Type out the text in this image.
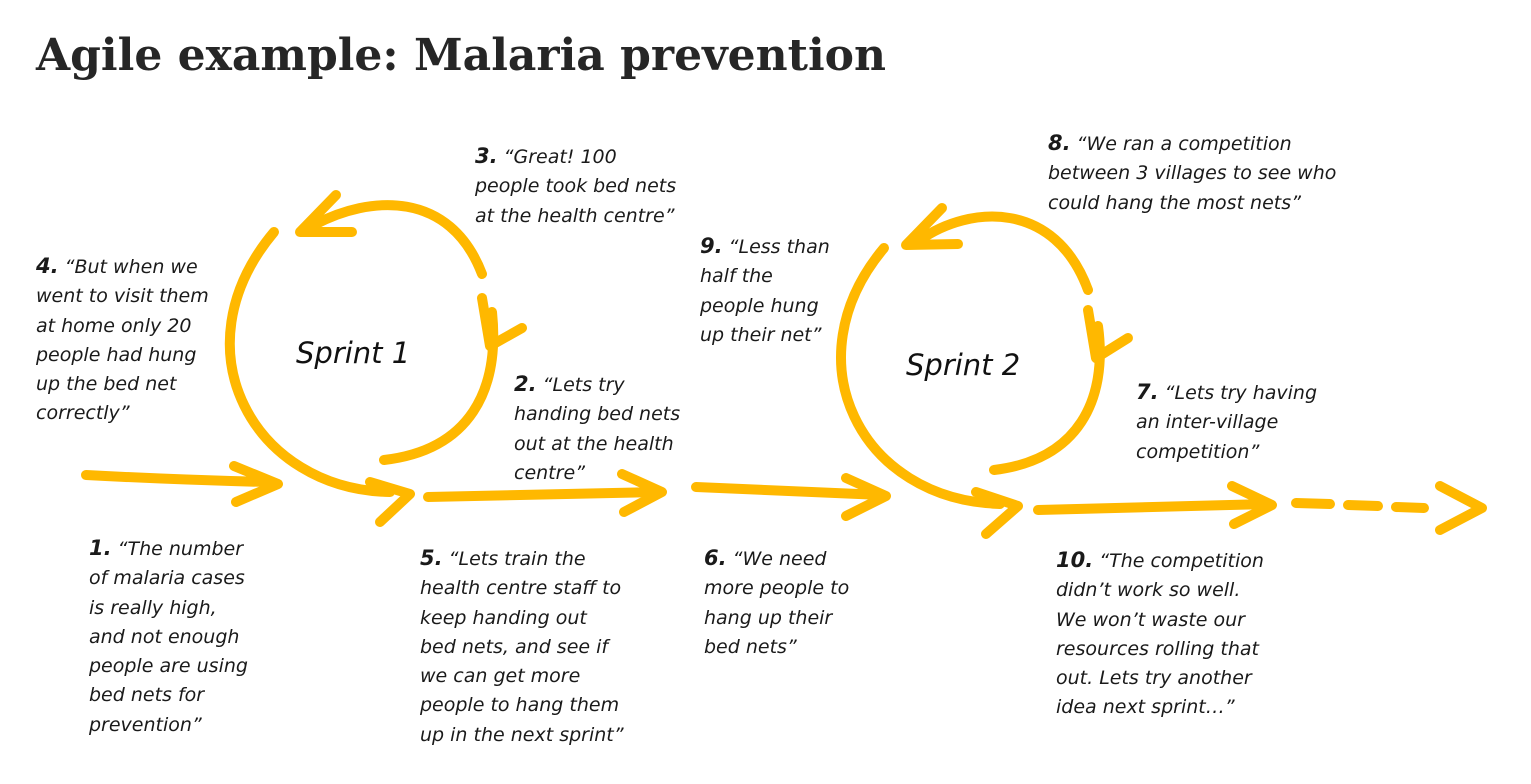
Agile example: Malaria prevention
Sprint 1	Sprint 2
1. “The number
of malaria cases
is really high,
and not enough
people are using
bed nets for
prevention”
2. “Lets try
handing bed nets
out at the health
centre”
3. “Great! 100
people took bed nets
at the health centre”
4. “But when we
went to visit them
at home only 20
people had hung
up the bed net
correctly”
5. “Lets train the
health centre staff to
keep handing out
bed nets, and see if
we can get more
people to hang them
up in the next sprint”
6. “We need
more people to
hang up their
bed nets”
7. “Lets try having
an inter-village
competition”
8. “We ran a competition
between 3 villages to see who
could hang the most nets”
9. “Less than
half the
people hung
up their net”
10. “The competition
didn’t work so well.
We won’t waste our
resources rolling that
out. Lets try another
idea next sprint…”
